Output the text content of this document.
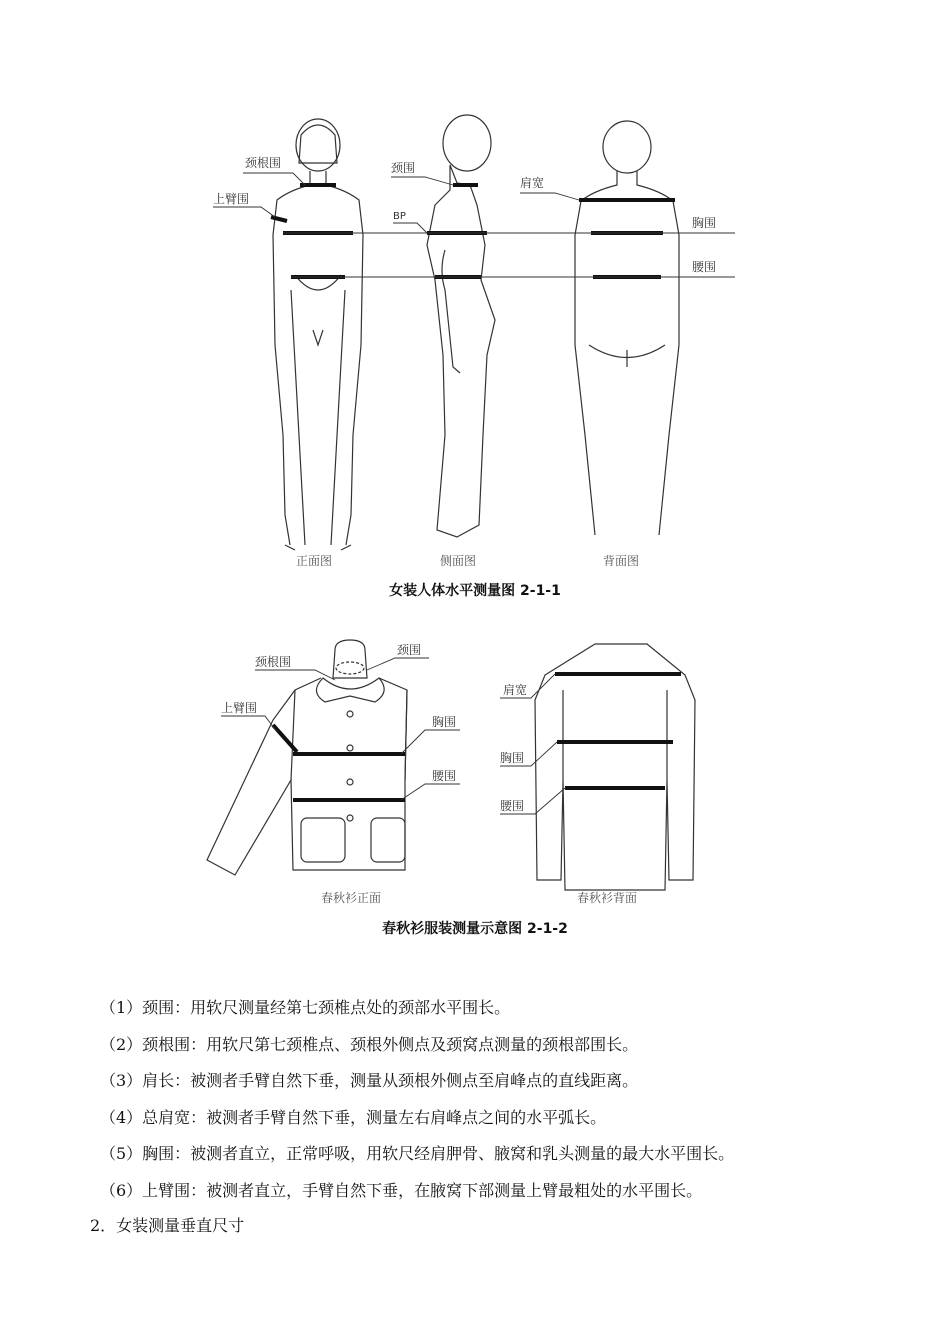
颈根围
上臂围
颈围
BP
肩宽
胸围
腰围
正面图	侧面图	背面图
女装人体水平测量图 2-1-1
颈根围
颈围
上臂围
胸围
腰围
肩宽
胸围
腰围
春秋衫正面	春秋衫背面
春秋衫服装测量示意图 2-1-2
（1）颈围：用软尺测量经第七颈椎点处的颈部水平围长。
（2）颈根围：用软尺第七颈椎点、颈根外侧点及颈窝点测量的颈根部围长。
（3）肩长：被测者手臂自然下垂，测量从颈根外侧点至肩峰点的直线距离。
（4）总肩宽：被测者手臂自然下垂，测量左右肩峰点之间的水平弧长。
（5）胸围：被测者直立，正常呼吸，用软尺经肩胛骨、腋窝和乳头测量的最大水平围长。
（6）上臂围：被测者直立，手臂自然下垂，在腋窝下部测量上臂最粗处的水平围长。
2．女装测量垂直尺寸
